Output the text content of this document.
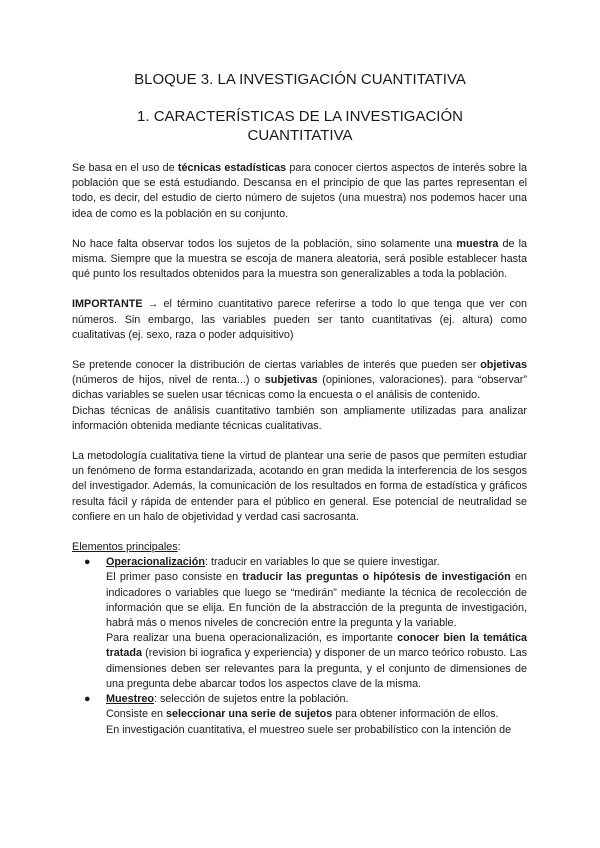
BLOQUE 3. LA INVESTIGACIÓN CUANTITATIVA
1. CARACTERÍSTICAS DE LA INVESTIGACIÓN CUANTITATIVA

Se basa en el uso de técnicas estadísticas para conocer ciertos aspectos de interés sobre la población que se está estudiando. Descansa en el principio de que las partes representan el todo, es decir, del estudio de cierto número de sujetos (una muestra) nos podemos hacer una idea de como es la población en su conjunto.

No hace falta observar todos los sujetos de la población, sino solamente una muestra de la misma. Siempre que la muestra se escoja de manera aleatoria, será posible establecer hasta qué punto los resultados obtenidos para la muestra son generalizables a toda la población.

IMPORTANTE → el término cuantitativo parece referirse a todo lo que tenga que ver con números. Sin embargo, las variables pueden ser tanto cuantitativas (ej. altura) como cualitativas (ej. sexo, raza o poder adquisitivo)

Se pretende conocer la distribución de ciertas variables de interés que pueden ser objetivas (números de hijos, nivel de renta...) o subjetivas (opiniones, valoraciones). para “observar” dichas variables se suelen usar técnicas como la encuesta o el análisis de contenido.

Dichas técnicas de análisis cuantitativo también son ampliamente utilizadas para analizar información obtenida mediante técnicas cualitativas.

La metodología cualitativa tiene la virtud de plantear una serie de pasos que permiten estudiar un fenómeno de forma estandarizada, acotando en gran medida la interferencia de los sesgos del investigador. Además, la comunicación de los resultados en forma de estadística y gráficos resulta fácil y rápida de entender para el público en general. Ese potencial de neutralidad se confiere en un halo de objetividad y verdad casi sacrosanta.

Elementos principales:

● Operacionalización: traducir en variables lo que se quiere investigar.

El primer paso consiste en traducir las preguntas o hipótesis de investigación en indicadores o variables que luego se “medirán” mediante la técnica de recolección de información que se elija. En función de la abstracción de la pregunta de investigación, habrá más o menos niveles de concreción entre la pregunta y la variable.

Para realizar una buena operacionalización, es importante conocer bien la temática tratada (revision bi iografica y experiencia) y disponer de un marco teórico robusto. Las dimensiones deben ser relevantes para la pregunta, y el conjunto de dimensiones de una pregunta debe abarcar todos los aspectos clave de la misma.

● Muestreo: selección de sujetos entre la población.

Consiste en seleccionar una serie de sujetos para obtener información de ellos.

En investigación cuantitativa, el muestreo suele ser probabilístico con la intención de
